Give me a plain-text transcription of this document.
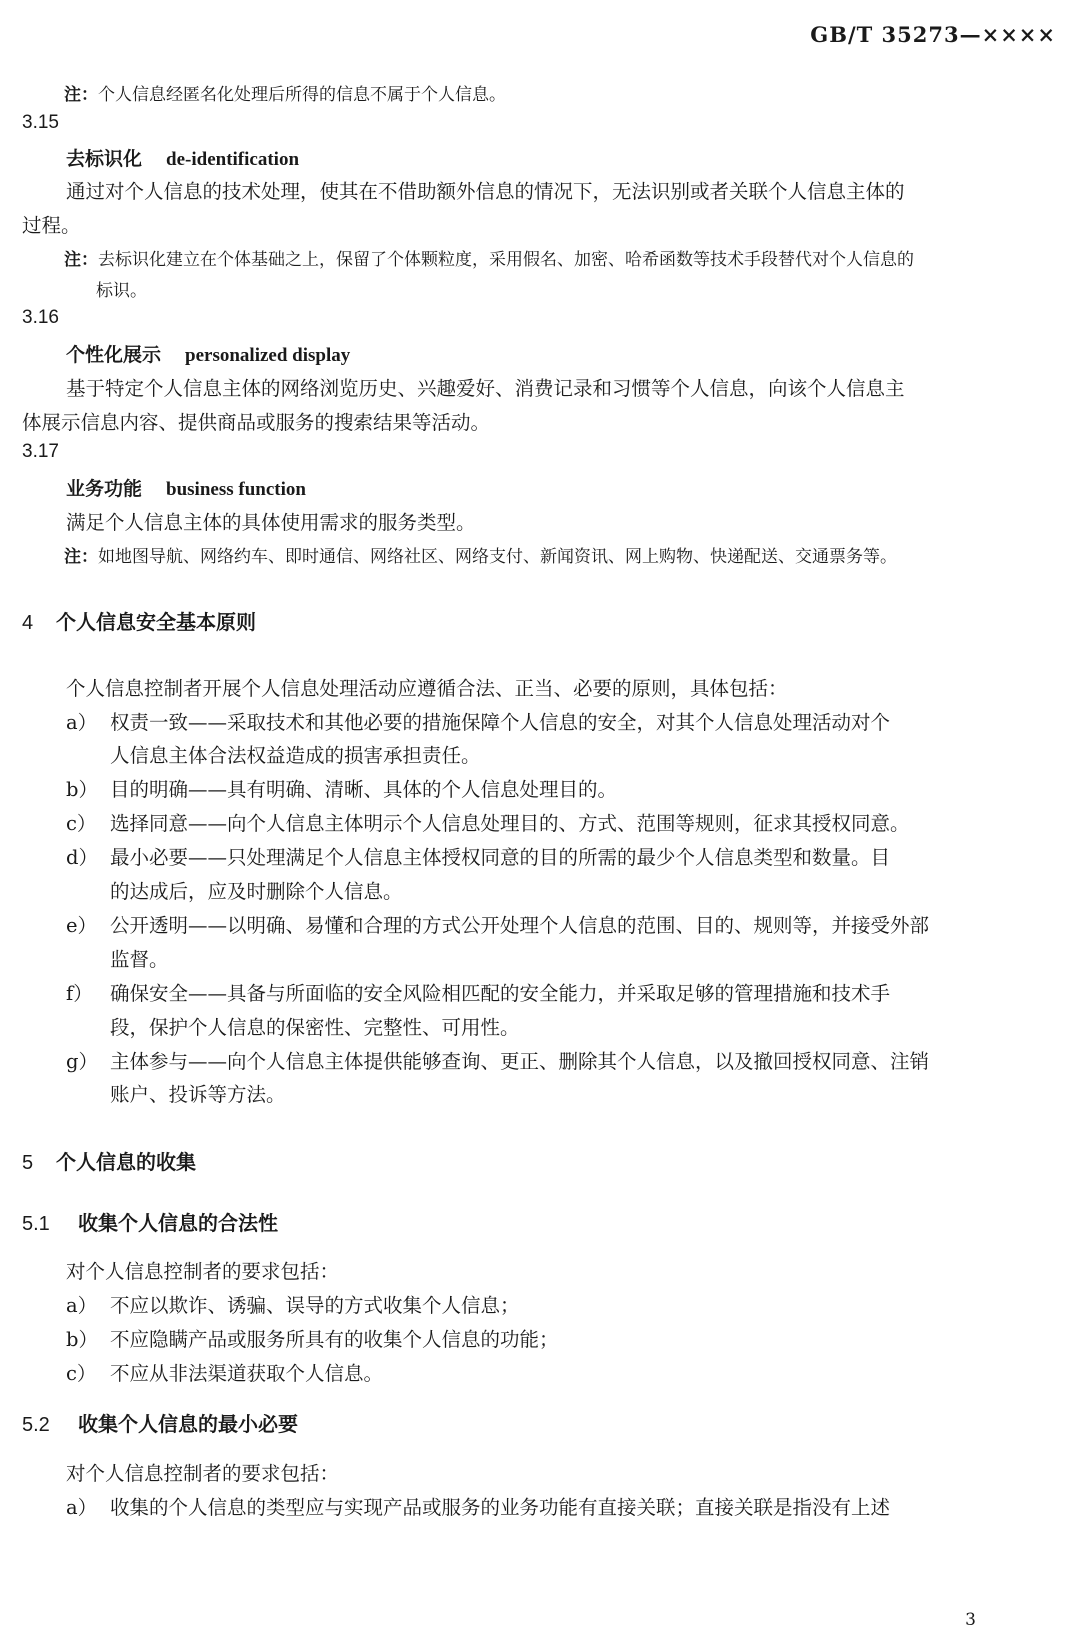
GB/T 35273—××××
注：个人信息经匿名化处理后所得的信息不属于个人信息。
3.15
去标识化 de-identification
通过对个人信息的技术处理，使其在不借助额外信息的情况下，无法识别或者关联个人信息主体的
过程。
注：去标识化建立在个体基础之上，保留了个体颗粒度，采用假名、加密、哈希函数等技术手段替代对个人信息的
标识。
3.16
个性化展示 personalized display
基于特定个人信息主体的网络浏览历史、兴趣爱好、消费记录和习惯等个人信息，向该个人信息主
体展示信息内容、提供商品或服务的搜索结果等活动。
3.17
业务功能 business function
满足个人信息主体的具体使用需求的服务类型。
注：如地图导航、网络约车、即时通信、网络社区、网络支付、新闻资讯、网上购物、快递配送、交通票务等。
4 个人信息安全基本原则
个人信息控制者开展个人信息处理活动应遵循合法、正当、必要的原则，具体包括：
a） 权责一致——采取技术和其他必要的措施保障个人信息的安全，对其个人信息处理活动对个
人信息主体合法权益造成的损害承担责任。
b） 目的明确——具有明确、清晰、具体的个人信息处理目的。
c） 选择同意——向个人信息主体明示个人信息处理目的、方式、范围等规则，征求其授权同意。
d） 最小必要——只处理满足个人信息主体授权同意的目的所需的最少个人信息类型和数量。目
的达成后，应及时删除个人信息。
e） 公开透明——以明确、易懂和合理的方式公开处理个人信息的范围、目的、规则等，并接受外部
监督。
f） 确保安全——具备与所面临的安全风险相匹配的安全能力，并采取足够的管理措施和技术手
段，保护个人信息的保密性、完整性、可用性。
g） 主体参与——向个人信息主体提供能够查询、更正、删除其个人信息，以及撤回授权同意、注销
账户、投诉等方法。
5 个人信息的收集
5.1 收集个人信息的合法性
对个人信息控制者的要求包括：
a） 不应以欺诈、诱骗、误导的方式收集个人信息；
b） 不应隐瞒产品或服务所具有的收集个人信息的功能；
c） 不应从非法渠道获取个人信息。
5.2 收集个人信息的最小必要
对个人信息控制者的要求包括：
a） 收集的个人信息的类型应与实现产品或服务的业务功能有直接关联；直接关联是指没有上述
3
